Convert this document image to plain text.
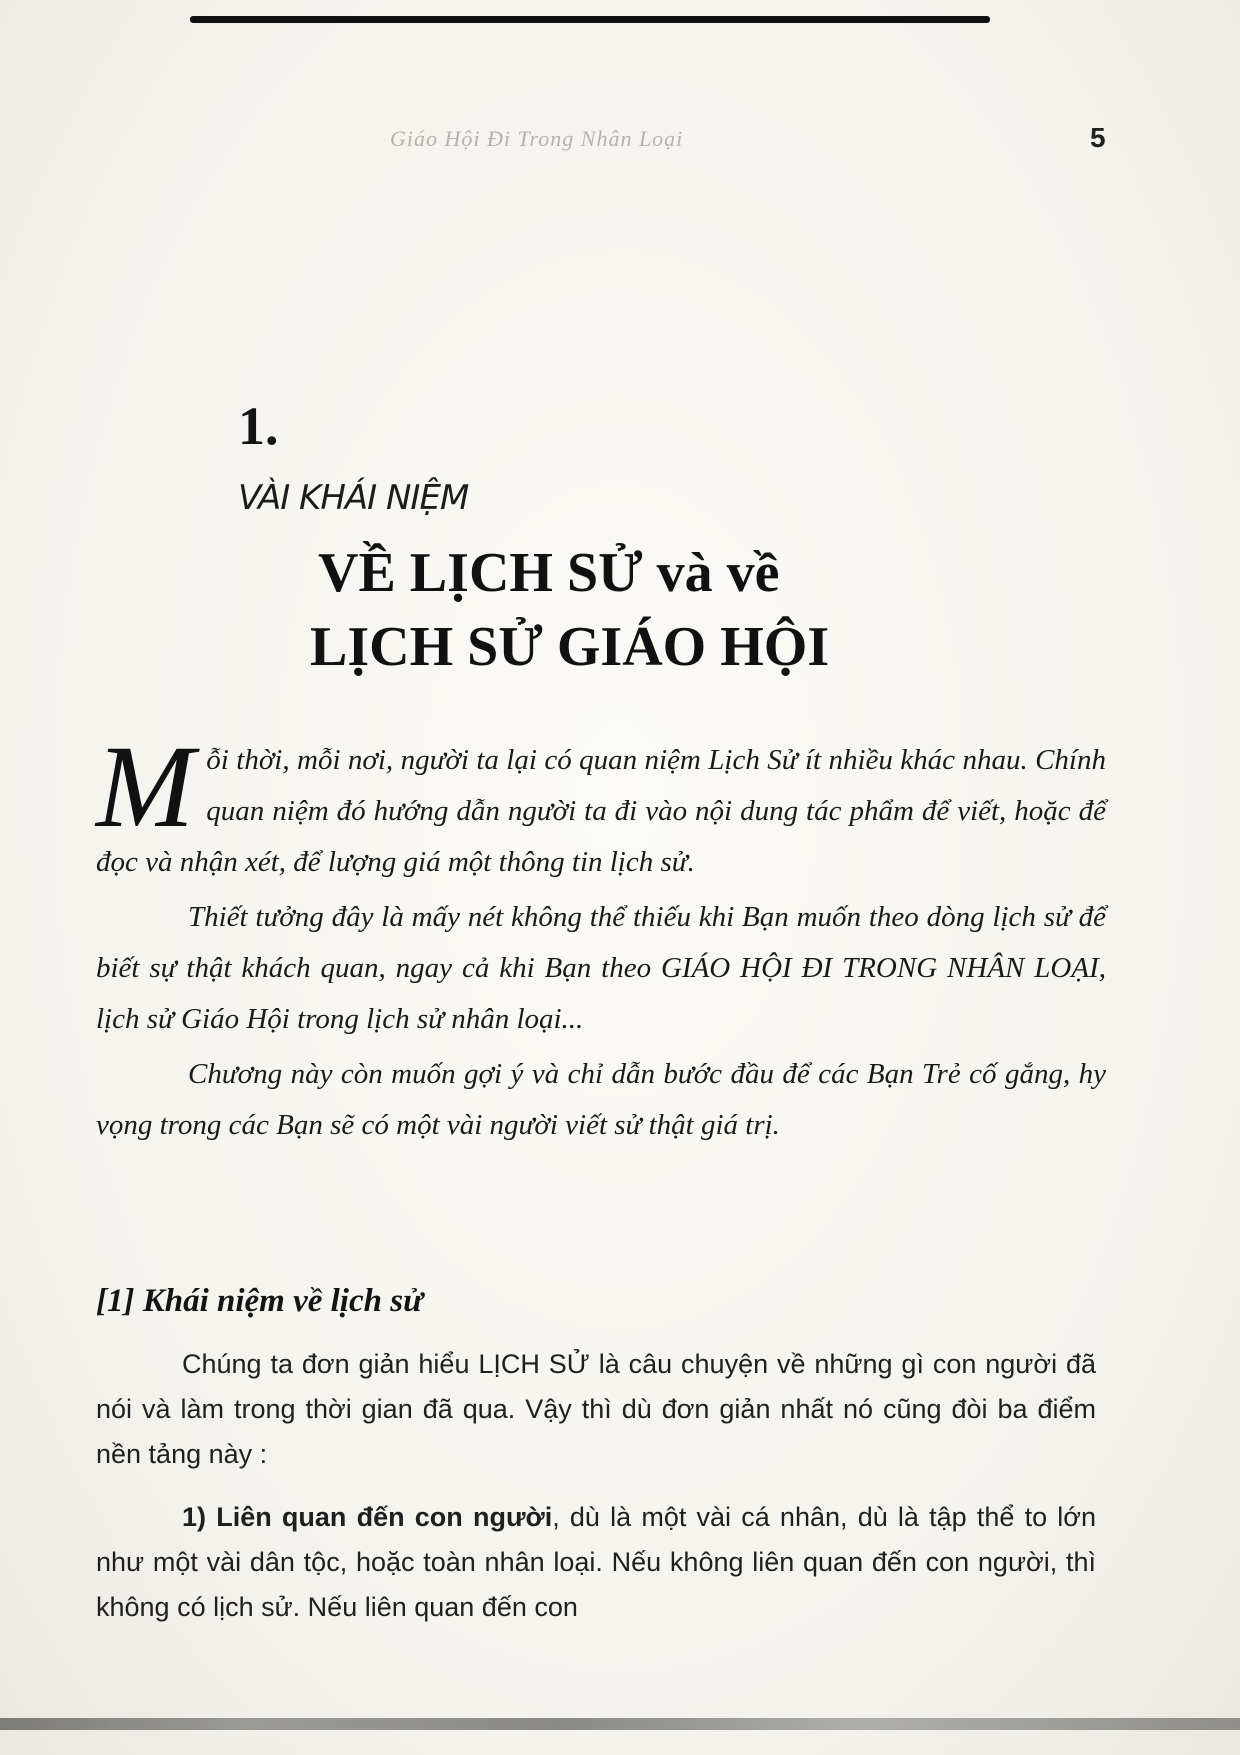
Giáo Hội Đi Trong Nhân Loại	5
1.
VÀI KHÁI NIỆM
VỀ LỊCH SỬ và về
LỊCH SỬ GIÁO HỘI

M ỗi thời, mỗi nơi, người ta lại có quan niệm Lịch Sử ít nhiều khác nhau. Chính quan niệm đó hướng dẫn người ta đi vào nội dung tác phẩm để viết, hoặc để đọc và nhận xét, để lượng giá một thông tin lịch sử.

Thiết tưởng đây là mấy nét không thể thiếu khi Bạn muốn theo dòng lịch sử để biết sự thật khách quan, ngay cả khi Bạn theo GIÁO HỘI ĐI TRONG NHÂN LOẠI, lịch sử Giáo Hội trong lịch sử nhân loại...

Chương này còn muốn gợi ý và chỉ dẫn bước đầu để các Bạn Trẻ cố gắng, hy vọng trong các Bạn sẽ có một vài người viết sử thật giá trị.

[1] Khái niệm về lịch sử

Chúng ta đơn giản hiểu LỊCH SỬ là câu chuyện về những gì con người đã nói và làm trong thời gian đã qua. Vậy thì dù đơn giản nhất nó cũng đòi ba điểm nền tảng này :

1) Liên quan đến con người, dù là một vài cá nhân, dù là tập thể to lớn như một vài dân tộc, hoặc toàn nhân loại. Nếu không liên quan đến con người, thì không có lịch sử. Nếu liên quan đến con
